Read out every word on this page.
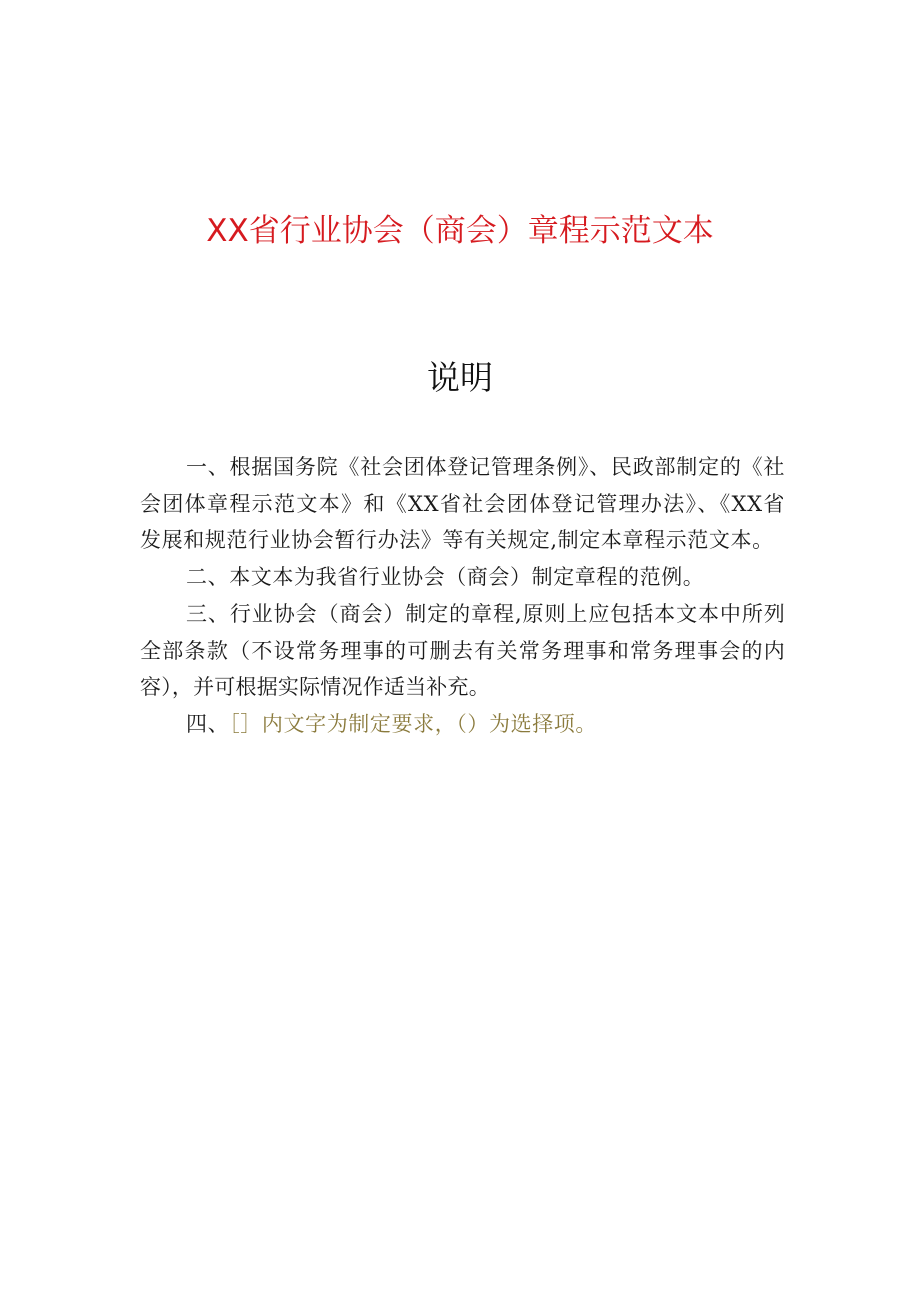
XX省行业协会（商会）章程示范文本
说明

一、根据国务院《社会团体登记管理条例》、民政部制定的《社会团体章程示范文本》和《XX省社会团体登记管理办法》、《XX省发展和规范行业协会暂行办法》等有关规定,制定本章程示范文本。

二、本文本为我省行业协会（商会）制定章程的范例。

三、行业协会（商会）制定的章程,原则上应包括本文本中所列全部条款（不设常务理事的可删去有关常务理事和常务理事会的内容），并可根据实际情况作适当补充。

四、［］内文字为制定要求，（）为选择项。
